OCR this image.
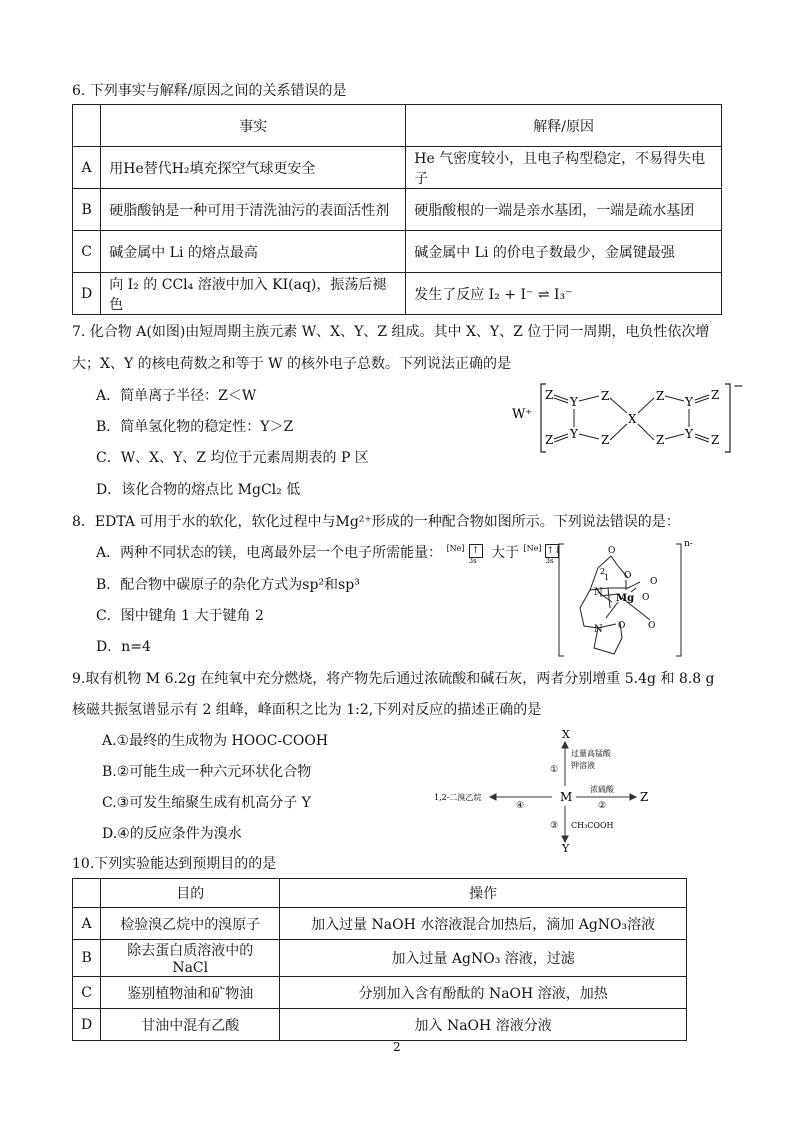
6. 下列事实与解释/原因之间的关系错误的是
	事实	解释/原因
A	用He替代H₂填充探空气球更安全	He 气密度较小，且电子构型稳定，不易得失电子
B	硬脂酸钠是一种可用于清洗油污的表面活性剂	硬脂酸根的一端是亲水基团，一端是疏水基团
C	碱金属中 Li 的熔点最高	碱金属中 Li 的价电子数最少，金属键最强
D	向 I₂ 的 CCl₄ 溶液中加入 KI(aq)，振荡后褪色	发生了反应 I₂ + I⁻ ⇌ I₃⁻
7. 化合物 A(如图)由短周期主族元素 W、X、Y、Z 组成。其中 X、Y、Z 位于同一周期，电负性依次增
大；X、Y 的核电荷数之和等于 W 的核外电子总数。下列说法正确的是
A．简单离子半径：Z＜W
B．简单氢化物的稳定性：Y＞Z
C．W、X、Y、Z 均位于元素周期表的 P 区
D．该化合物的熔点比 MgCl₂ 低
W⁺
−
Z Y Z
Z Y Z
X
Z Y Z
Z Y Z
8．EDTA 可用于水的软化，软化过程中与Mg²⁺形成的一种配合物如图所示。下列说法错误的是：
A．两种不同状态的镁，电离最外层一个电子所需能量： [Ne] ↑
3s 大于 [Ne] ↑↓
3s
B．配合物中碳原子的杂化方式为sp²和sp³
C．图中键角 1 大于键角 2
D．n=4
n-
O
O
O
O
O
O
N
N
Mg
1
2
9.取有机物 M 6.2g 在纯氧中充分燃烧，将产物先后通过浓硫酸和碱石灰，两者分别增重 5.4g 和 8.8 g
核磁共振氢谱显示有 2 组峰，峰面积之比为 1:2,下列对反应的描述正确的是
A.①最终的生成物为 HOOC-COOH
B.②可能生成一种六元环状化合物
C.③可发生缩聚生成有机高分子 Y
D.④的反应条件为溴水
X
M	Z
Y
1,2-二溴乙烷
①
过量高锰酸
钾溶液
浓硫酸
②
③ CH₃COOH
④
10.下列实验能达到预期目的的是
	目的	操作
A	检验溴乙烷中的溴原子	加入过量 NaOH 水溶液混合加热后，滴加 AgNO₃溶液
B	除去蛋白质溶液中的 NaCl	加入过量 AgNO₃ 溶液，过滤
C	鉴别植物油和矿物油	分别加入含有酚酞的 NaOH 溶液，加热
D	甘油中混有乙酸	加入 NaOH 溶液分液
2
